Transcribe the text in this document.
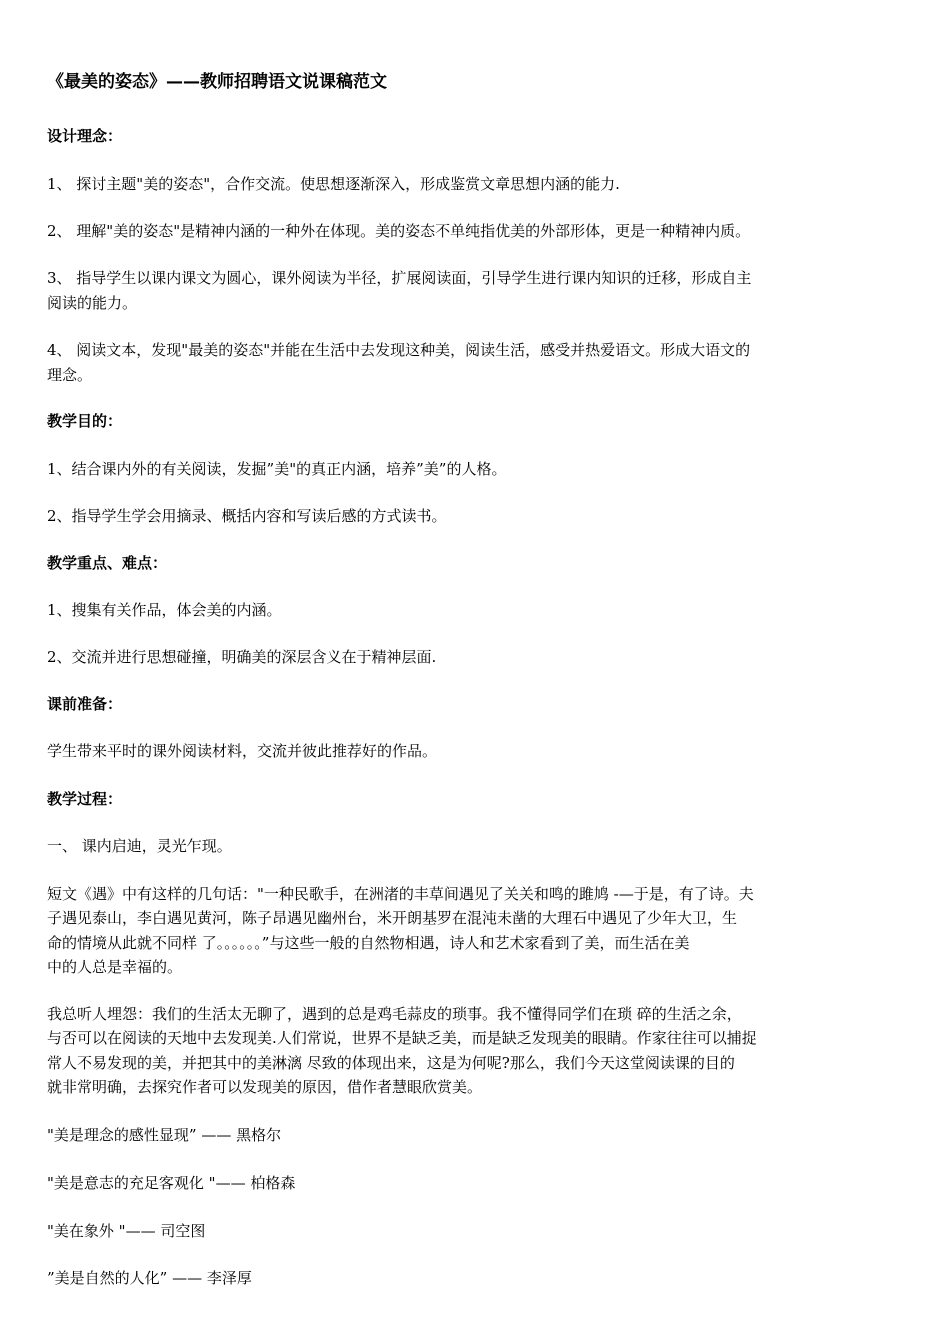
《最美的姿态》——教师招聘语文说课稿范文

设计理念：

1、 探讨主题"美的姿态"，合作交流。使思想逐渐深入，形成鉴赏文章思想内涵的能力.

2、 理解"美的姿态"是精神内涵的一种外在体现。美的姿态不单纯指优美的外部形体，更是一种精神内质。

3、 指导学生以课内课文为圆心，课外阅读为半径，扩展阅读面，引导学生进行课内知识的迁移，形成自主

阅读的能力。

4、 阅读文本，发现"最美的姿态"并能在生活中去发现这种美，阅读生活，感受并热爱语文。形成大语文的

理念。

教学目的：

1、结合课内外的有关阅读，发掘”美"的真正内涵，培养”美”的人格。

2、指导学生学会用摘录、概括内容和写读后感的方式读书。

教学重点、难点：

1、搜集有关作品，体会美的内涵。

2、交流并进行思想碰撞，明确美的深层含义在于精神层面.

课前准备：

学生带来平时的课外阅读材料，交流并彼此推荐好的作品。

教学过程：

一、 课内启迪，灵光乍现。

短文《遇》中有这样的几句话："一种民歌手，在洲渚的丰草间遇见了关关和鸣的雎鸠 -—于是，有了诗。夫

子遇见泰山，李白遇见黄河，陈子昂遇见幽州台，米开朗基罗在混沌未凿的大理石中遇见了少年大卫，生

命的情境从此就不同样 了。。。。。。”与这些一般的自然物相遇，诗人和艺术家看到了美，而生活在美

中的人总是幸福的。

我总听人埋怨：我们的生活太无聊了，遇到的总是鸡毛蒜皮的琐事。我不懂得同学们在琐 碎的生活之余，

与否可以在阅读的天地中去发现美.人们常说，世界不是缺乏美，而是缺乏发现美的眼睛。作家往往可以捕捉

常人不易发现的美，并把其中的美淋漓 尽致的体现出来，这是为何呢?那么，我们今天这堂阅读课的目的

就非常明确，去探究作者可以发现美的原因，借作者慧眼欣赏美。

"美是理念的感性显现” —— 黑格尔

"美是意志的充足客观化 "—— 柏格森

"美在象外 "—— 司空图

”美是自然的人化” —— 李泽厚
